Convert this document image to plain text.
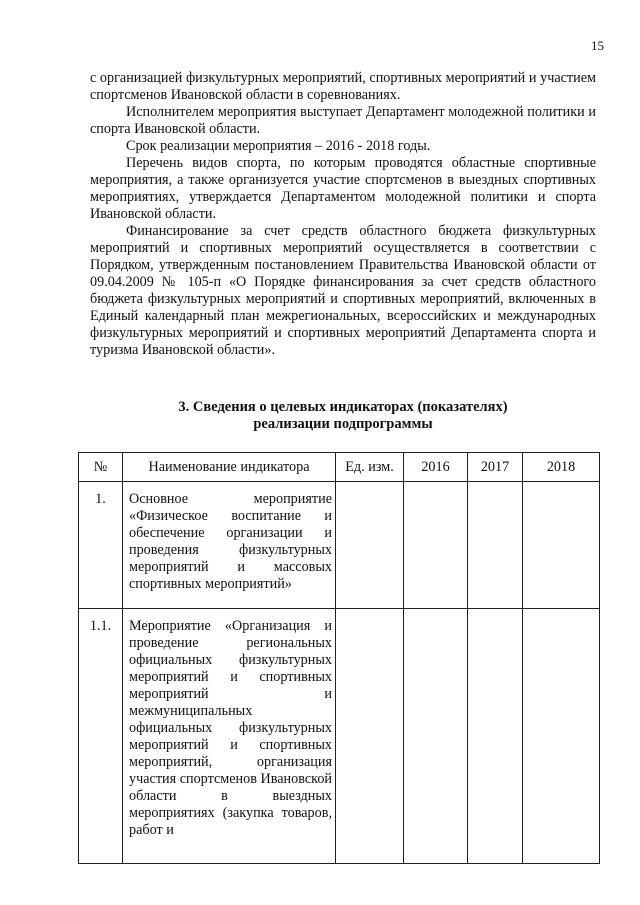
15

с организацией физкультурных мероприятий, спортивных мероприятий и участием спортсменов Ивановской области в соревнованиях.

Исполнителем мероприятия выступает Департамент молодежной политики и спорта Ивановской области.

Срок реализации мероприятия – 2016 - 2018 годы.

Перечень видов спорта, по которым проводятся областные спортивные мероприятия, а также организуется участие спортсменов в выездных спортивных мероприятиях, утверждается Департаментом молодежной политики и спорта Ивановской области.

Финансирование за счет средств областного бюджета физкультурных мероприятий и спортивных мероприятий осуществляется в соответствии с Порядком, утвержденным постановлением Правительства Ивановской области от 09.04.2009 № 105-п «О Порядке финансирования за счет средств областного бюджета физкультурных мероприятий и спортивных мероприятий, включенных в Единый календарный план межрегиональных, всероссийских и международных физкультурных мероприятий и спортивных мероприятий Департамента спорта и туризма Ивановской области».

3. Сведения о целевых индикаторах (показателях)
реализации подпрограммы
№	Наименование индикатора	Ед. изм.	2016	2017	2018
1.	Основное мероприятие «Физическое воспитание и обеспечение организации и проведения физкультурных мероприятий и массовых спортивных мероприятий»				
1.1.	Мероприятие «Организация и проведение региональных официальных физкультурных мероприятий и спортивных мероприятий и межмуниципальных официальных физкультурных мероприятий и спортивных мероприятий, организация участия спортсменов Ивановской области в выездных мероприятиях (закупка товаров, работ и				
